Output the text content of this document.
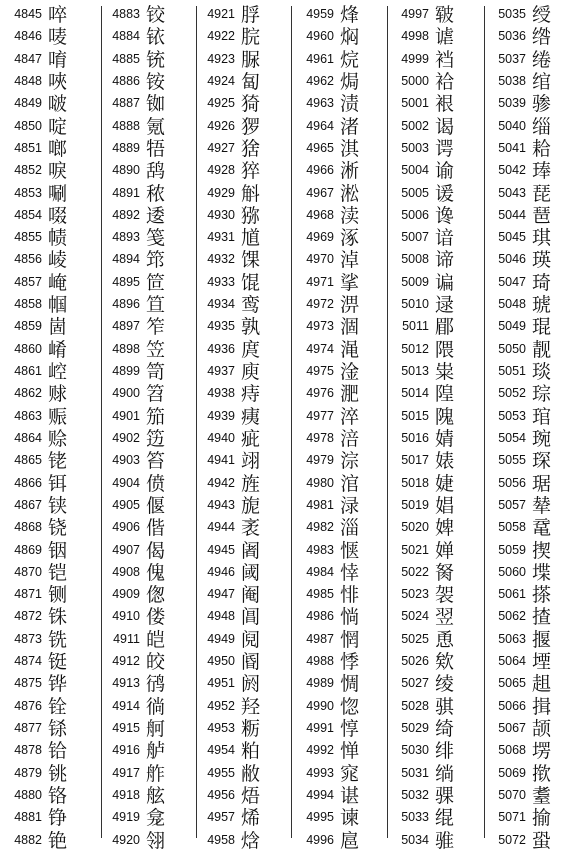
4845 啐
4846 唛
4847 唷
4848 唊
4849 啵
4850 啶
4851 啷
4852 唳
4853 唰
4854 啜
4855 帻
4856 崚
4857 崦
4858 帼
4859 崮
4860 崤
4861 崆
4862 赇
4863 赈
4864 赊
4865 铑
4866 铒
4867 铗
4868 铙
4869 铟
4870 铠
4871 铡
4872 铢
4873 铣
4874 铤
4875 铧
4876 铨
4877 铩
4878 铪
4879 铫
4880 铬
4881 铮
4882 铯
4883 铰
4884 铱
4885 铳
4886 铵
4887 铷
4888 氪
4889 牾
4890 鸹
4891 秾
4892 逶
4893 笺
4894 筇
4895 笸
4896 笪
4897 笮
4898 笠
4899 笥
4900 笤
4901 笳
4902 笾
4903 笞
4904 偾
4905 偃
4906 偕
4907 偈
4908 傀
4909 偬
4910 偻
4911 皑
4912 皎
4913 鸻
4914 徜
4915 舸
4916 舻
4917 舴
4918 舷
4919 龛
4920 翎
4921 脬
4922 脘
4923 脲
4924 匐
4925 猗
4926 猡
4927 猞
4928 猝
4929 斛
4930 猕
4931 馗
4932 馃
4933 馄
4934 鸾
4935 孰
4936 庹
4937 庾
4938 痔
4939 痍
4940 疵
4941 翊
4942 旌
4943 旎
4944 袤
4945 阇
4946 阈
4947 阉
4948 阊
4949 阋
4950 阍
4951 阏
4952 羟
4953 粝
4954 粕
4955 敝
4956 焐
4957 烯
4958 焓
4959 烽
4960 焖
4961 烷
4962 焗
4963 渍
4964 渚
4965 淇
4966 淅
4967 淞
4968 渎
4969 涿
4970 淖
4971 挲
4972 淠
4973 涸
4974 渑
4975 淦
4976 淝
4977 淬
4978 涪
4979 淙
4980 涫
4981 渌
4982 淄
4983 惬
4984 悻
4985 悱
4986 惝
4987 惘
4988 悸
4989 惆
4990 惚
4991 惇
4992 惮
4993 窕
4994 谌
4995 谏
4996 扈
4997 皲
4998 谑
4999 裆
5000 袷
5001 裉
5002 谒
5003 谔
5004 谕
5005 谖
5006 谗
5007 谙
5008 谛
5009 谝
5010 逯
5011 郿
5012 隈
5013 粜
5014 隍
5015 隗
5016 婧
5017 婊
5018 婕
5019 娼
5020 婢
5021 婵
5022 胬
5023 袈
5024 翌
5025 恿
5026 欸
5027 绫
5028 骐
5029 绮
5030 绯
5031 绱
5032 骒
5033 绲
5034 骓
5035 绶
5036 绺
5037 绻
5038 绾
5039 骖
5040 缁
5041 耠
5042 琫
5043 琵
5044 琶
5045 琪
5046 瑛
5047 琦
5048 琥
5049 琨
5050 靓
5051 琰
5052 琮
5053 琯
5054 琬
5055 琛
5056 琚
5057 辇
5058 鼋
5059 揳
5060 堞
5061 搽
5062 揸
5063 揠
5064 堙
5065 趄
5066 揖
5067 颉
5068 塄
5069 揿
5070 耋
5071 揄
5072 蛩
